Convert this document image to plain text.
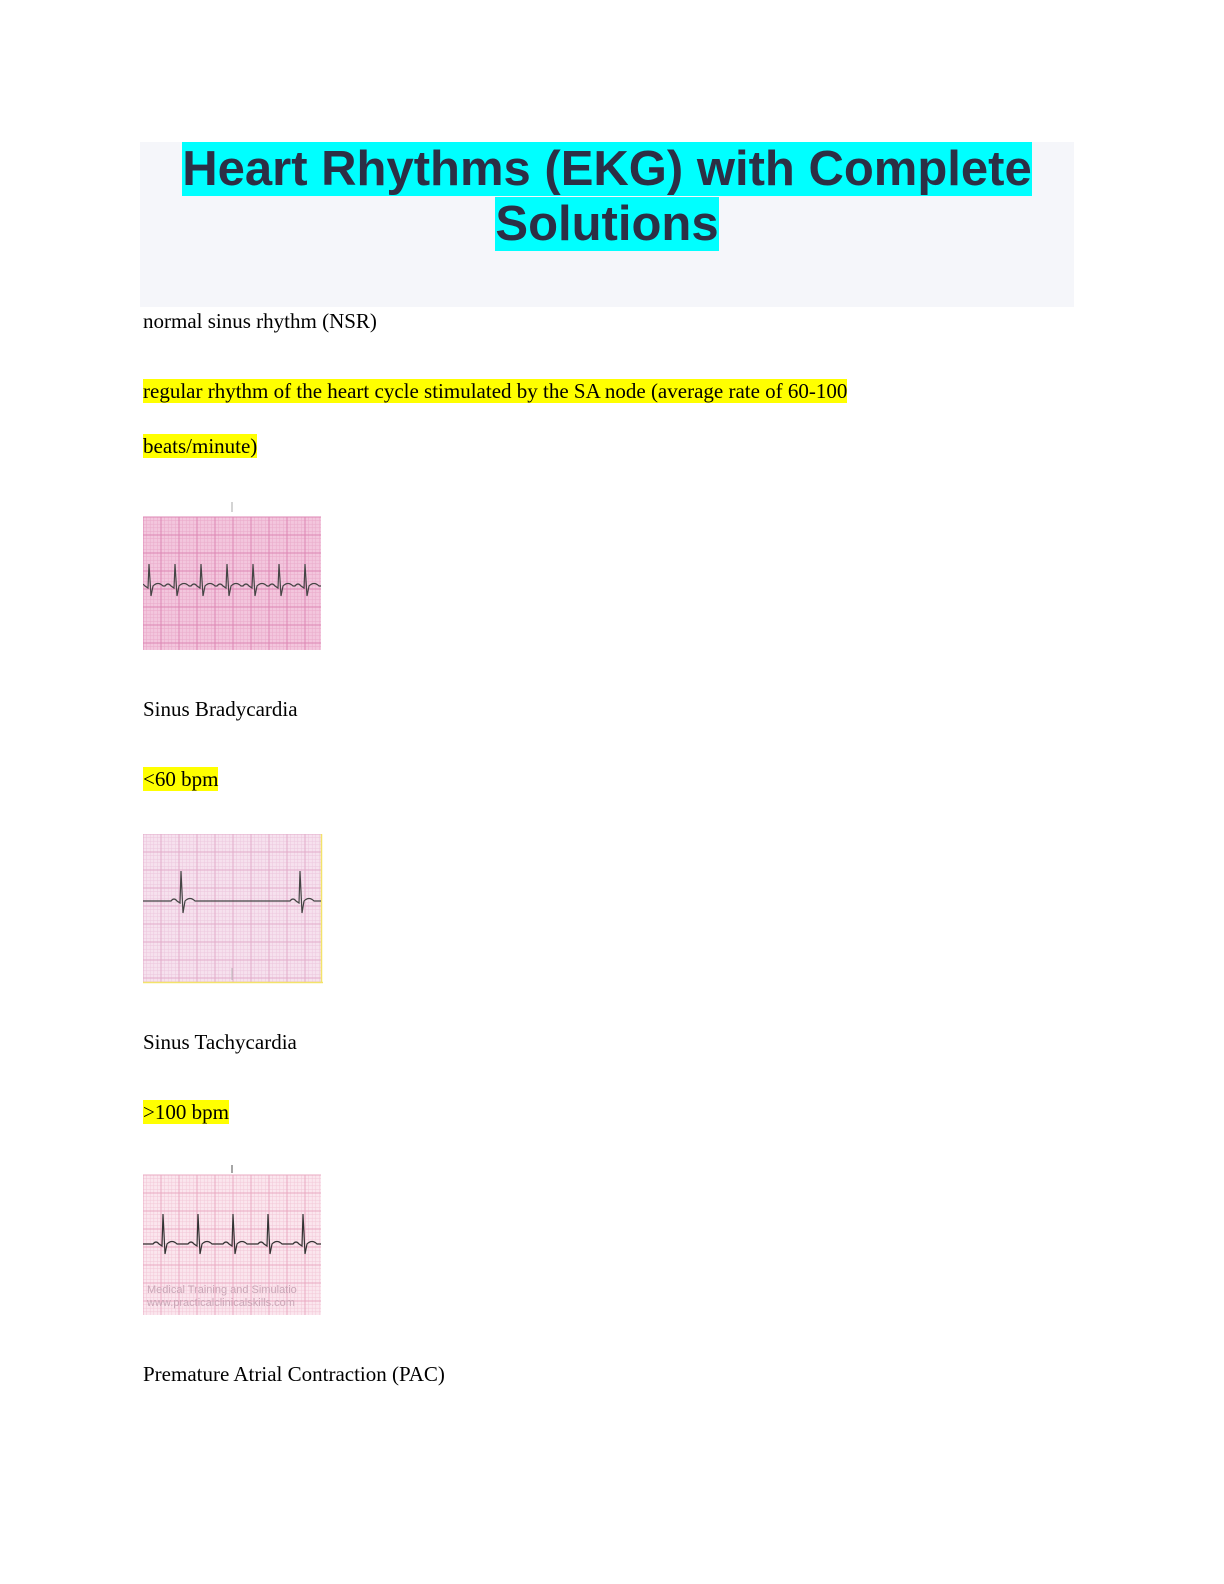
Heart Rhythms (EKG) with Complete
Solutions
normal sinus rhythm (NSR)
regular rhythm of the heart cycle stimulated by the SA node (average rate of 60-100
beats/minute)
Sinus Bradycardia
<60 bpm
Sinus Tachycardia
>100 bpm
Medical Training and Simulatio
www.practicalclinicalskills.com
Premature Atrial Contraction (PAC)
